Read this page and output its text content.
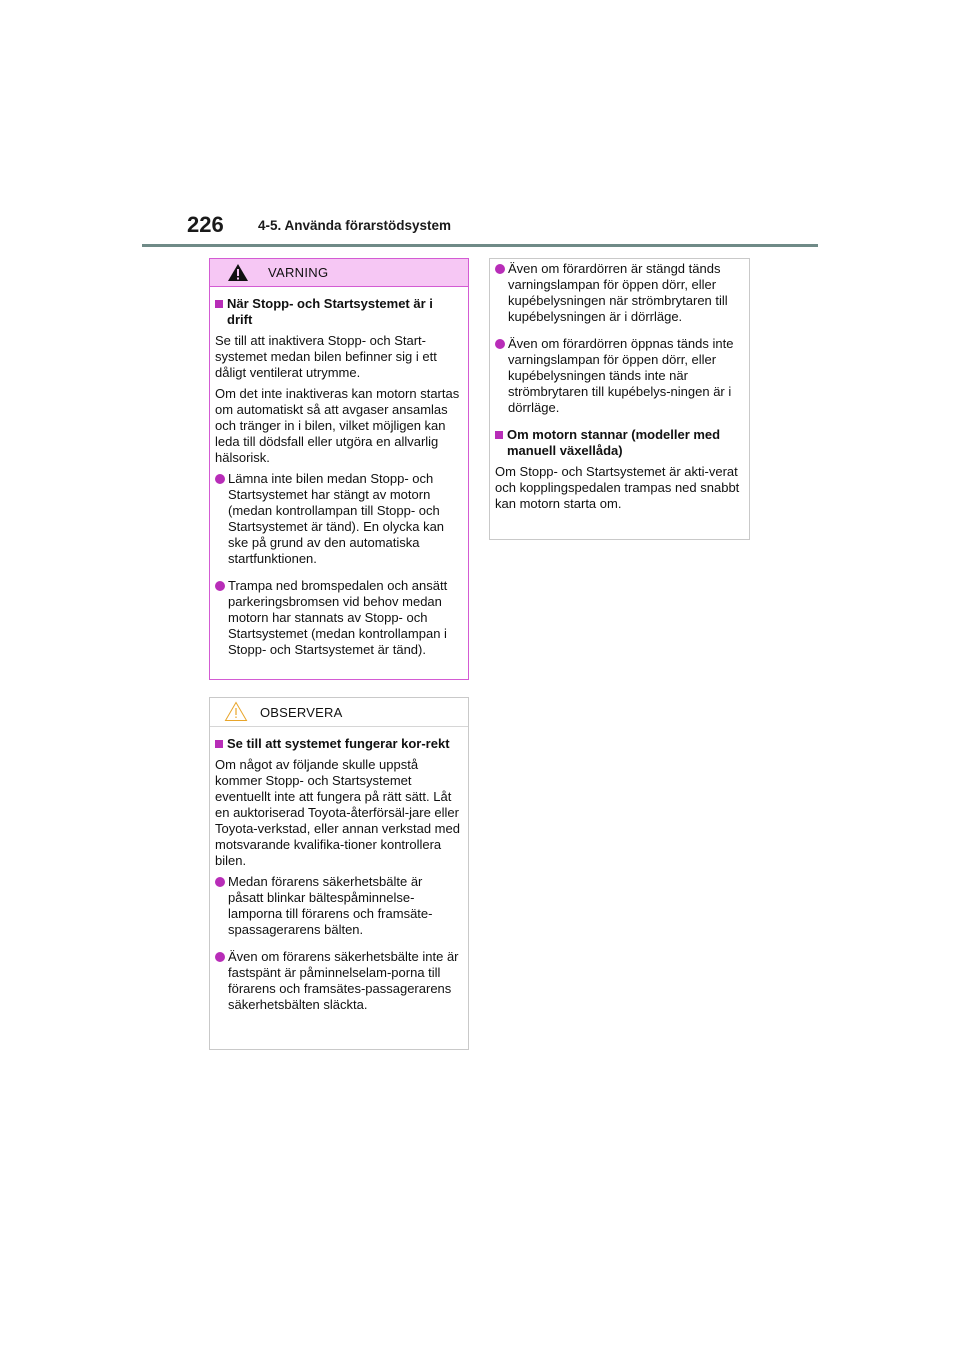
226	4-5. Använda förarstödsystem
VARNING
När Stopp- och Startsystemet är i drift

Se till att inaktivera Stopp- och Start-systemet medan bilen befinner sig i ett dåligt ventilerat utrymme.

Om det inte inaktiveras kan motorn startas om automatiskt så att avgaser ansamlas och tränger in i bilen, vilket möjligen kan leda till dödsfall eller utgöra en allvarlig hälsorisk.

Lämna inte bilen medan Stopp- och Startsystemet har stängt av motorn (medan kontrollampan till Stopp- och Startsystemet är tänd). En olycka kan ske på grund av den automatiska startfunktionen.
Trampa ned bromspedalen och ansätt parkeringsbromsen vid behov medan motorn har stannats av Stopp- och Startsystemet (medan kontrollampan i Stopp- och Startsystemet är tänd).
OBSERVERA
Se till att systemet fungerar kor-rekt

Om något av följande skulle uppstå kommer Stopp- och Startsystemet eventuellt inte att fungera på rätt sätt. Låt en auktoriserad Toyota-återförsäl-jare eller Toyota-verkstad, eller annan verkstad med motsvarande kvalifika-tioner kontrollera bilen.

Medan förarens säkerhetsbälte är påsatt blinkar bältespåminnelse-lamporna till förarens och framsäte-spassagerarens bälten.
Även om förarens säkerhetsbälte inte är fastspänt är påminnelselam-porna till förarens och framsätes-passagerarens säkerhetsbälten släckta.
Även om förardörren är stängd tänds varningslampan för öppen dörr, eller kupébelysningen när strömbrytaren till kupébelysningen är i dörrläge.
Även om förardörren öppnas tänds inte varningslampan för öppen dörr, eller kupébelysningen tänds inte när strömbrytaren till kupébelys-ningen är i dörrläge.
Om motorn stannar (modeller med manuell växellåda)

Om Stopp- och Startsystemet är akti-verat och kopplingspedalen trampas ned snabbt kan motorn starta om.
